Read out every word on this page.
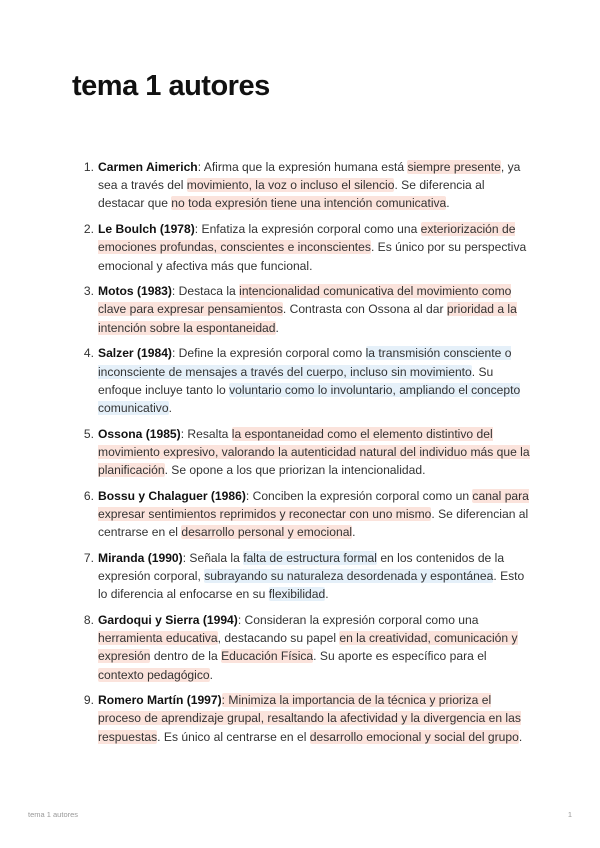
tema 1 autores
1. Carmen Aimerich: Afirma que la expresión humana está siempre presente, ya sea a través del movimiento, la voz o incluso el silencio. Se diferencia al destacar que no toda expresión tiene una intención comunicativa.
2. Le Boulch (1978): Enfatiza la expresión corporal como una exteriorización de emociones profundas, conscientes e inconscientes. Es único por su perspectiva emocional y afectiva más que funcional.
3. Motos (1983): Destaca la intencionalidad comunicativa del movimiento como clave para expresar pensamientos. Contrasta con Ossona al dar prioridad a la intención sobre la espontaneidad.
4. Salzer (1984): Define la expresión corporal como la transmisión consciente o inconsciente de mensajes a través del cuerpo, incluso sin movimiento. Su enfoque incluye tanto lo voluntario como lo involuntario, ampliando el concepto comunicativo.
5. Ossona (1985): Resalta la espontaneidad como el elemento distintivo del movimiento expresivo, valorando la autenticidad natural del individuo más que la planificación. Se opone a los que priorizan la intencionalidad.
6. Bossu y Chalaguer (1986): Conciben la expresión corporal como un canal para expresar sentimientos reprimidos y reconectar con uno mismo. Se diferencian al centrarse en el desarrollo personal y emocional.
7. Miranda (1990): Señala la falta de estructura formal en los contenidos de la expresión corporal, subrayando su naturaleza desordenada y espontánea. Esto lo diferencia al enfocarse en su flexibilidad.
8. Gardoqui y Sierra (1994): Consideran la expresión corporal como una herramienta educativa, destacando su papel en la creatividad, comunicación y expresión dentro de la Educación Física. Su aporte es específico para el contexto pedagógico.
9. Romero Martín (1997): Minimiza la importancia de la técnica y prioriza el proceso de aprendizaje grupal, resaltando la afectividad y la divergencia en las respuestas. Es único al centrarse en el desarrollo emocional y social del grupo.
tema 1 autores	1
